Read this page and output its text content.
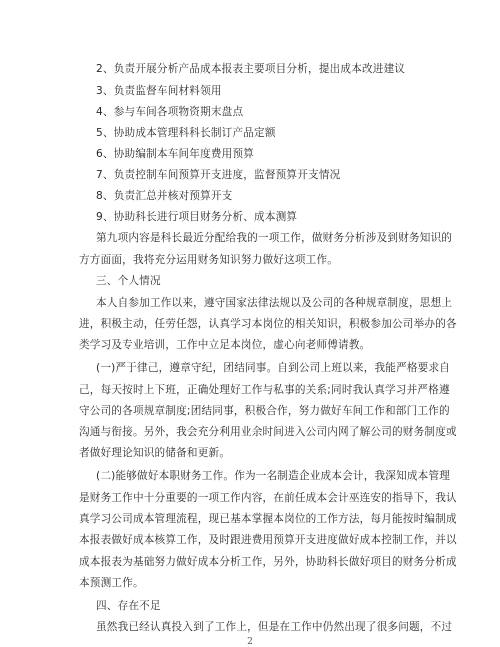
2、负责开展分析产品成本报表主要项目分析，提出成本改进建议
3、负责监督车间材料领用
4、参与车间各项物资期末盘点
5、协助成本管理科科长制订产品定额
6、协助编制本车间年度费用预算
7、负责控制车间预算开支进度，监督预算开支情况
8、负责汇总并核对预算开支
9、协助科长进行项目财务分析、成本测算
第九项内容是科长最近分配给我的一项工作，做财务分析涉及到财务知识的
方方面面，我将充分运用财务知识努力做好这项工作。
三、个人情况
本人自参加工作以来，遵守国家法律法规以及公司的各种规章制度，思想上
进，积极主动，任劳任怨，认真学习本岗位的相关知识，积极参加公司举办的各
类学习及专业培训，工作中立足本岗位，虚心向老师傅请教。
(一)严于律己，遵章守纪，团结同事。自到公司上班以来，我能严格要求自
己，每天按时上下班，正确处理好工作与私事的关系;同时我认真学习并严格遵
守公司的各项规章制度;团结同事，积极合作，努力做好车间工作和部门工作的
沟通与衔接。另外，我会充分利用业余时间进入公司内网了解公司的财务制度或
者做好理论知识的储备和更新。
(二)能够做好本职财务工作。作为一名制造企业成本会计，我深知成本管理
是财务工作中十分重要的一项工作内容，在前任成本会计巫连安的指导下，我认
真学习公司成本管理流程，现已基本掌握本岗位的工作方法，每月能按时编制成
本报表做好成本核算工作，及时跟进费用预算开支进度做好成本控制工作，并以
成本报表为基础努力做好成本分析工作，另外，协助科长做好项目的财务分析成
本预测工作。
四、存在不足
虽然我已经认真投入到了工作上，但是在工作中仍然出现了很多问题，不过
2
